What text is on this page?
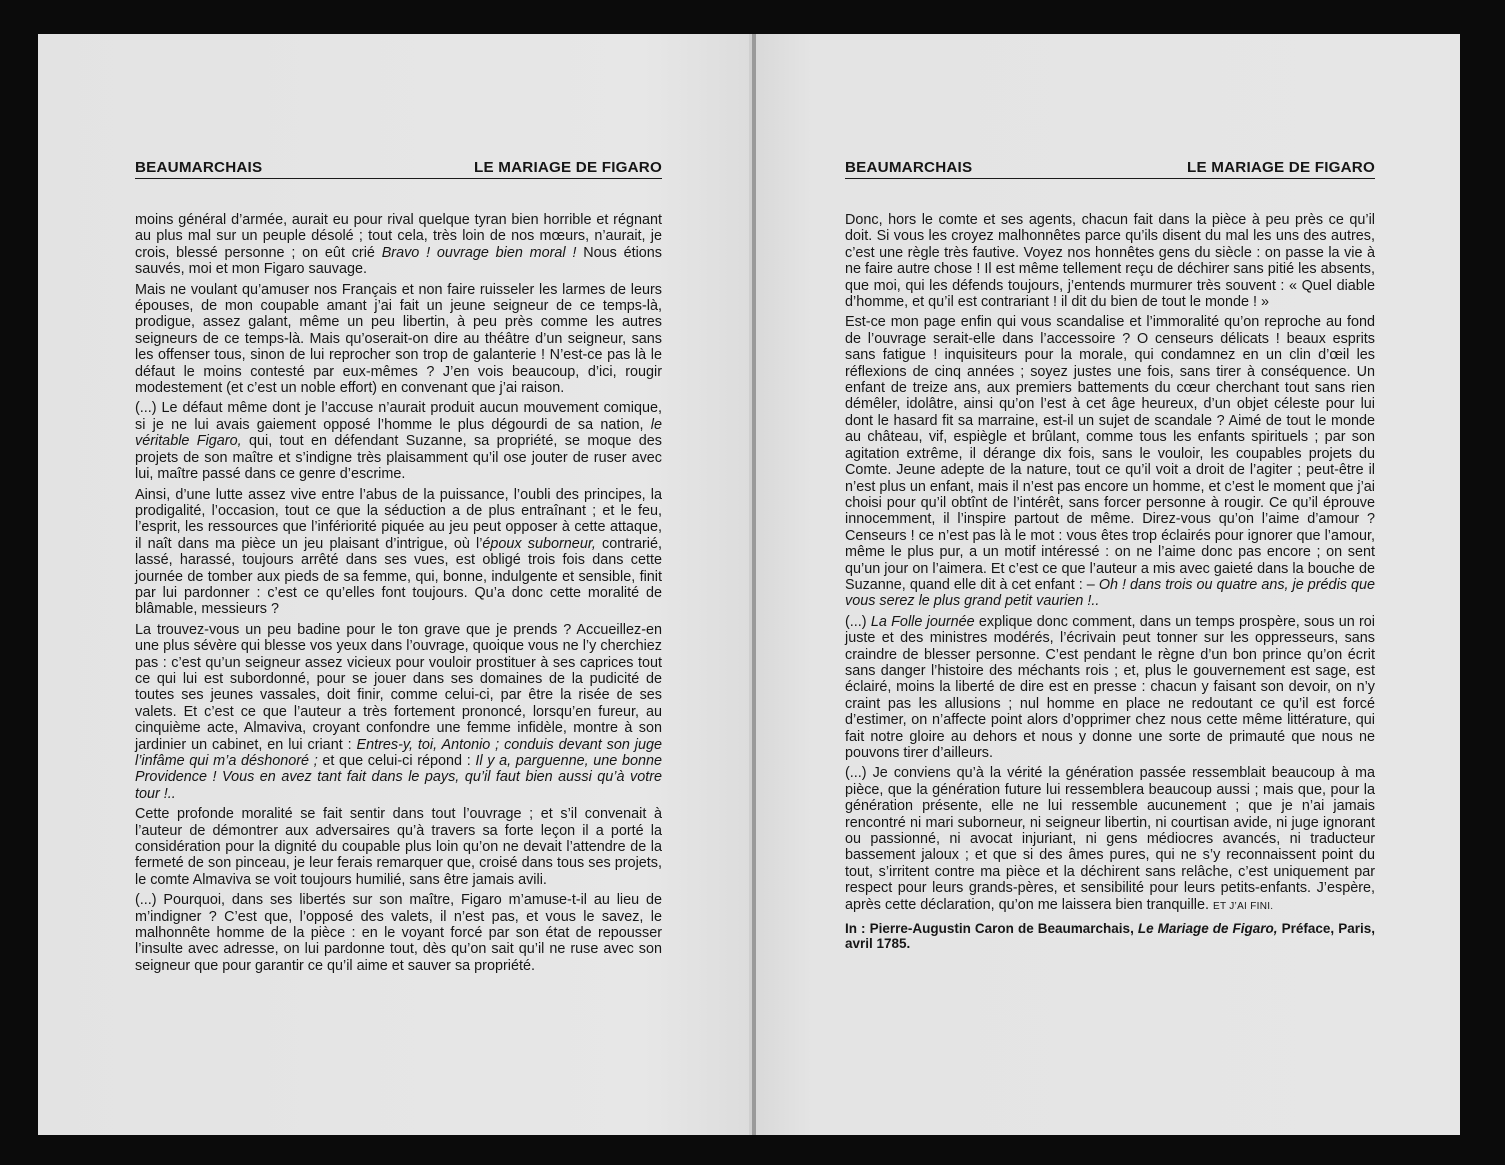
BEAUMARCHAIS	LE MARIAGE DE FIGARO

moins général d’armée, aurait eu pour rival quelque tyran bien horrible et régnant au plus mal sur un peuple désolé ; tout cela, très loin de nos mœurs, n’aurait, je crois, blessé personne ; on eût crié Bravo ! ouvrage bien moral ! Nous étions sauvés, moi et mon Figaro sauvage.

Mais ne voulant qu’amuser nos Français et non faire ruisseler les larmes de leurs épouses, de mon coupable amant j’ai fait un jeune seigneur de ce temps-là, prodigue, assez galant, même un peu libertin, à peu près comme les autres seigneurs de ce temps-là. Mais qu’oserait-on dire au théâtre d’un seigneur, sans les offenser tous, sinon de lui reprocher son trop de galanterie ! N’est-ce pas là le défaut le moins contesté par eux-mêmes ? J’en vois beaucoup, d’ici, rougir modestement (et c’est un noble effort) en convenant que j’ai raison.

(...) Le défaut même dont je l’accuse n’aurait produit aucun mouvement comique, si je ne lui avais gaiement opposé l’homme le plus dégourdi de sa nation, le véritable Figaro, qui, tout en défendant Suzanne, sa propriété, se moque des projets de son maître et s’indigne très plaisamment qu’il ose jouter de ruser avec lui, maître passé dans ce genre d’escrime.

Ainsi, d’une lutte assez vive entre l’abus de la puissance, l’oubli des principes, la prodigalité, l’occasion, tout ce que la séduction a de plus entraînant ; et le feu, l’esprit, les ressources que l’infériorité piquée au jeu peut opposer à cette attaque, il naît dans ma pièce un jeu plaisant d’intrigue, où l’époux suborneur, contrarié, lassé, harassé, toujours arrêté dans ses vues, est obligé trois fois dans cette journée de tomber aux pieds de sa femme, qui, bonne, indulgente et sensible, finit par lui pardonner : c’est ce qu’elles font toujours. Qu’a donc cette moralité de blâmable, messieurs ?

La trouvez-vous un peu badine pour le ton grave que je prends ? Accueillez-en une plus sévère qui blesse vos yeux dans l’ouvrage, quoique vous ne l’y cherchiez pas : c’est qu’un seigneur assez vicieux pour vouloir prostituer à ses caprices tout ce qui lui est subordonné, pour se jouer dans ses domaines de la pudicité de toutes ses jeunes vassales, doit finir, comme celui-ci, par être la risée de ses valets. Et c’est ce que l’auteur a très fortement prononcé, lorsqu’en fureur, au cinquième acte, Almaviva, croyant confondre une femme infidèle, montre à son jardinier un cabinet, en lui criant : Entres-y, toi, Antonio ; conduis devant son juge l’infâme qui m’a déshonoré ; et que celui-ci répond : Il y a, parguenne, une bonne Providence ! Vous en avez tant fait dans le pays, qu’il faut bien aussi qu’à votre tour !..

Cette profonde moralité se fait sentir dans tout l’ouvrage ; et s’il convenait à l’auteur de démontrer aux adversaires qu’à travers sa forte leçon il a porté la considération pour la dignité du coupable plus loin qu’on ne devait l’attendre de la fermeté de son pinceau, je leur ferais remarquer que, croisé dans tous ses projets, le comte Almaviva se voit toujours humilié, sans être jamais avili.

(...) Pourquoi, dans ses libertés sur son maître, Figaro m’amuse-t-il au lieu de m’indigner ? C’est que, l’opposé des valets, il n’est pas, et vous le savez, le malhonnête homme de la pièce : en le voyant forcé par son état de repousser l’insulte avec adresse, on lui pardonne tout, dès qu’on sait qu’il ne ruse avec son seigneur que pour garantir ce qu’il aime et sauver sa propriété.

BEAUMARCHAIS	LE MARIAGE DE FIGARO

Donc, hors le comte et ses agents, chacun fait dans la pièce à peu près ce qu’il doit. Si vous les croyez malhonnêtes parce qu’ils disent du mal les uns des autres, c’est une règle très fautive. Voyez nos honnêtes gens du siècle : on passe la vie à ne faire autre chose ! Il est même tellement reçu de déchirer sans pitié les absents, que moi, qui les défends toujours, j’entends murmurer très souvent : « Quel diable d’homme, et qu’il est contrariant ! il dit du bien de tout le monde ! »

Est-ce mon page enfin qui vous scandalise et l’immoralité qu’on reproche au fond de l’ouvrage serait-elle dans l’accessoire ? O censeurs délicats ! beaux esprits sans fatigue ! inquisiteurs pour la morale, qui condamnez en un clin d’œil les réflexions de cinq années ; soyez justes une fois, sans tirer à conséquence. Un enfant de treize ans, aux premiers battements du cœur cherchant tout sans rien démêler, idolâtre, ainsi qu’on l’est à cet âge heureux, d’un objet céleste pour lui dont le hasard fit sa marraine, est-il un sujet de scandale ? Aimé de tout le monde au château, vif, espiègle et brûlant, comme tous les enfants spirituels ; par son agitation extrême, il dérange dix fois, sans le vouloir, les coupables projets du Comte. Jeune adepte de la nature, tout ce qu’il voit a droit de l’agiter ; peut-être il n’est plus un enfant, mais il n’est pas encore un homme, et c’est le moment que j’ai choisi pour qu’il obtînt de l’intérêt, sans forcer personne à rougir. Ce qu’il éprouve innocemment, il l’inspire partout de même. Direz-vous qu’on l’aime d’amour ? Censeurs ! ce n’est pas là le mot : vous êtes trop éclairés pour ignorer que l’amour, même le plus pur, a un motif intéressé : on ne l’aime donc pas encore ; on sent qu’un jour on l’aimera. Et c’est ce que l’auteur a mis avec gaieté dans la bouche de Suzanne, quand elle dit à cet enfant : – Oh ! dans trois ou quatre ans, je prédis que vous serez le plus grand petit vaurien !..

(...) La Folle journée explique donc comment, dans un temps prospère, sous un roi juste et des ministres modérés, l’écrivain peut tonner sur les oppresseurs, sans craindre de blesser personne. C’est pendant le règne d’un bon prince qu’on écrit sans danger l’histoire des méchants rois ; et, plus le gouvernement est sage, est éclairé, moins la liberté de dire est en presse : chacun y faisant son devoir, on n’y craint pas les allusions ; nul homme en place ne redoutant ce qu’il est forcé d’estimer, on n’affecte point alors d’opprimer chez nous cette même littérature, qui fait notre gloire au dehors et nous y donne une sorte de primauté que nous ne pouvons tirer d’ailleurs.

(...) Je conviens qu’à la vérité la génération passée ressemblait beaucoup à ma pièce, que la génération future lui ressemblera beaucoup aussi ; mais que, pour la génération présente, elle ne lui ressemble aucunement ; que je n’ai jamais rencontré ni mari suborneur, ni seigneur libertin, ni courtisan avide, ni juge ignorant ou passionné, ni avocat injuriant, ni gens médiocres avancés, ni traducteur bassement jaloux ; et que si des âmes pures, qui ne s’y reconnaissent point du tout, s’irritent contre ma pièce et la déchirent sans relâche, c’est uniquement par respect pour leurs grands-pères, et sensibilité pour leurs petits-enfants. J’espère, après cette déclaration, qu’on me laissera bien tranquille. ET J’AI FINI.

In : Pierre-Augustin Caron de Beaumarchais, Le Mariage de Figaro, Préface, Paris, avril 1785.
